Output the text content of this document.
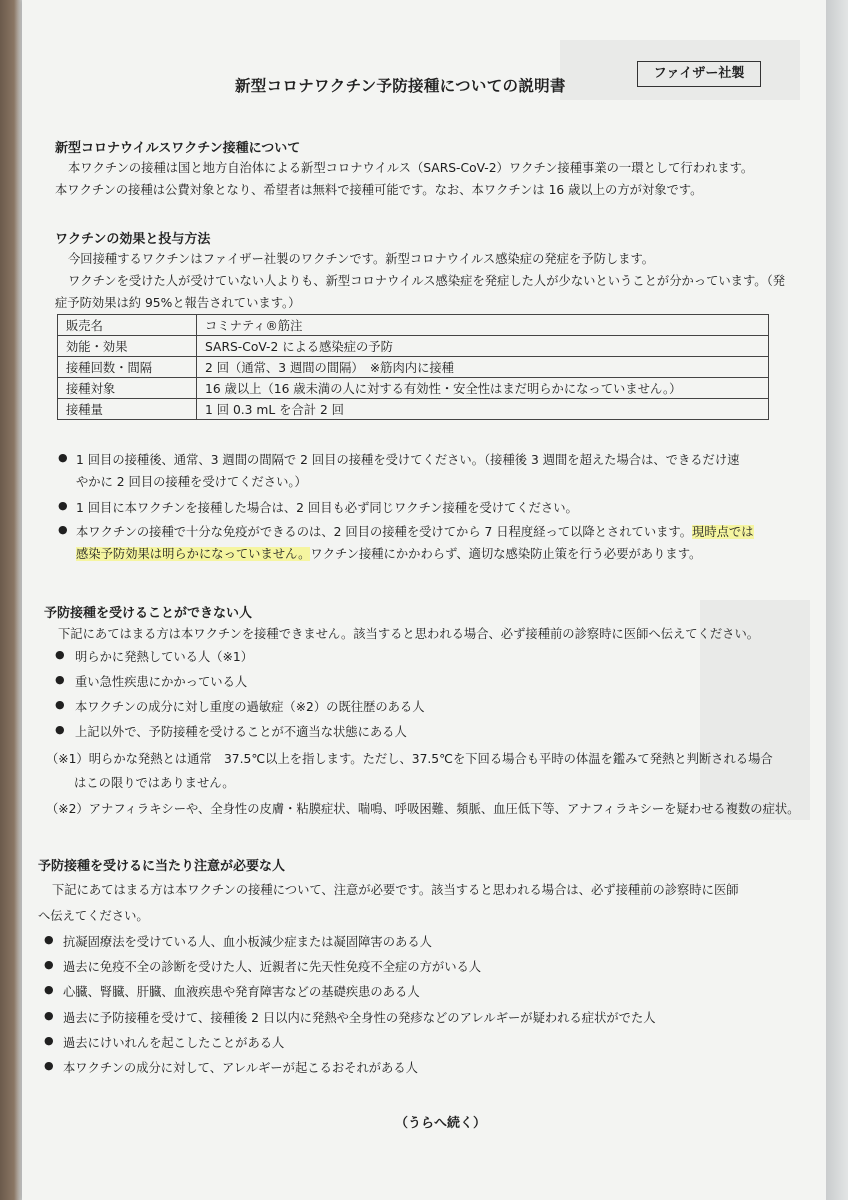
新型コロナワクチン予防接種についての説明書
ファイザー社製
新型コロナウイルスワクチン接種について
本ワクチンの接種は国と地方自治体による新型コロナウイルス（SARS-CoV-2）ワクチン接種事業の一環として行われます。
本ワクチンの接種は公費対象となり、希望者は無料で接種可能です。なお、本ワクチンは 16 歳以上の方が対象です。
ワクチンの効果と投与方法
今回接種するワクチンはファイザー社製のワクチンです。新型コロナウイルス感染症の発症を予防します。
ワクチンを受けた人が受けていない人よりも、新型コロナウイルス感染症を発症した人が少ないということが分かっています。（発
症予防効果は約 95%と報告されています。）
販売名	コミナティ®筋注
効能・効果	SARS-CoV-2 による感染症の予防
接種回数・間隔	2 回（通常、3 週間の間隔）　※筋肉内に接種
接種対象	16 歳以上（16 歳未満の人に対する有効性・安全性はまだ明らかになっていません。）
接種量	1 回 0.3 mL を合計 2 回
● 1 回目の接種後、通常、3 週間の間隔で 2 回目の接種を受けてください。（接種後 3 週間を超えた場合は、できるだけ速
やかに 2 回目の接種を受けてください。）
● 1 回目に本ワクチンを接種した場合は、2 回目も必ず同じワクチン接種を受けてください。
● 本ワクチンの接種で十分な免疫ができるのは、2 回目の接種を受けてから 7 日程度経って以降とされています。現時点では
感染予防効果は明らかになっていません。ワクチン接種にかかわらず、適切な感染防止策を行う必要があります。
予防接種を受けることができない人
下記にあてはまる方は本ワクチンを接種できません。該当すると思われる場合、必ず接種前の診察時に医師へ伝えてください。
● 明らかに発熱している人（※1）
● 重い急性疾患にかかっている人
● 本ワクチンの成分に対し重度の過敏症（※2）の既往歴のある人
● 上記以外で、予防接種を受けることが不適当な状態にある人
（※1）明らかな発熱とは通常　37.5℃以上を指します。ただし、37.5℃を下回る場合も平時の体温を鑑みて発熱と判断される場合
はこの限りではありません。
（※2）アナフィラキシーや、全身性の皮膚・粘膜症状、喘鳴、呼吸困難、頻脈、血圧低下等、アナフィラキシーを疑わせる複数の症状。
予防接種を受けるに当たり注意が必要な人
下記にあてはまる方は本ワクチンの接種について、注意が必要です。該当すると思われる場合は、必ず接種前の診察時に医師
へ伝えてください。
● 抗凝固療法を受けている人、血小板減少症または凝固障害のある人
● 過去に免疫不全の診断を受けた人、近親者に先天性免疫不全症の方がいる人
● 心臓、腎臓、肝臓、血液疾患や発育障害などの基礎疾患のある人
● 過去に予防接種を受けて、接種後 2 日以内に発熱や全身性の発疹などのアレルギーが疑われる症状がでた人
● 過去にけいれんを起こしたことがある人
● 本ワクチンの成分に対して、アレルギーが起こるおそれがある人
（うらへ続く）
